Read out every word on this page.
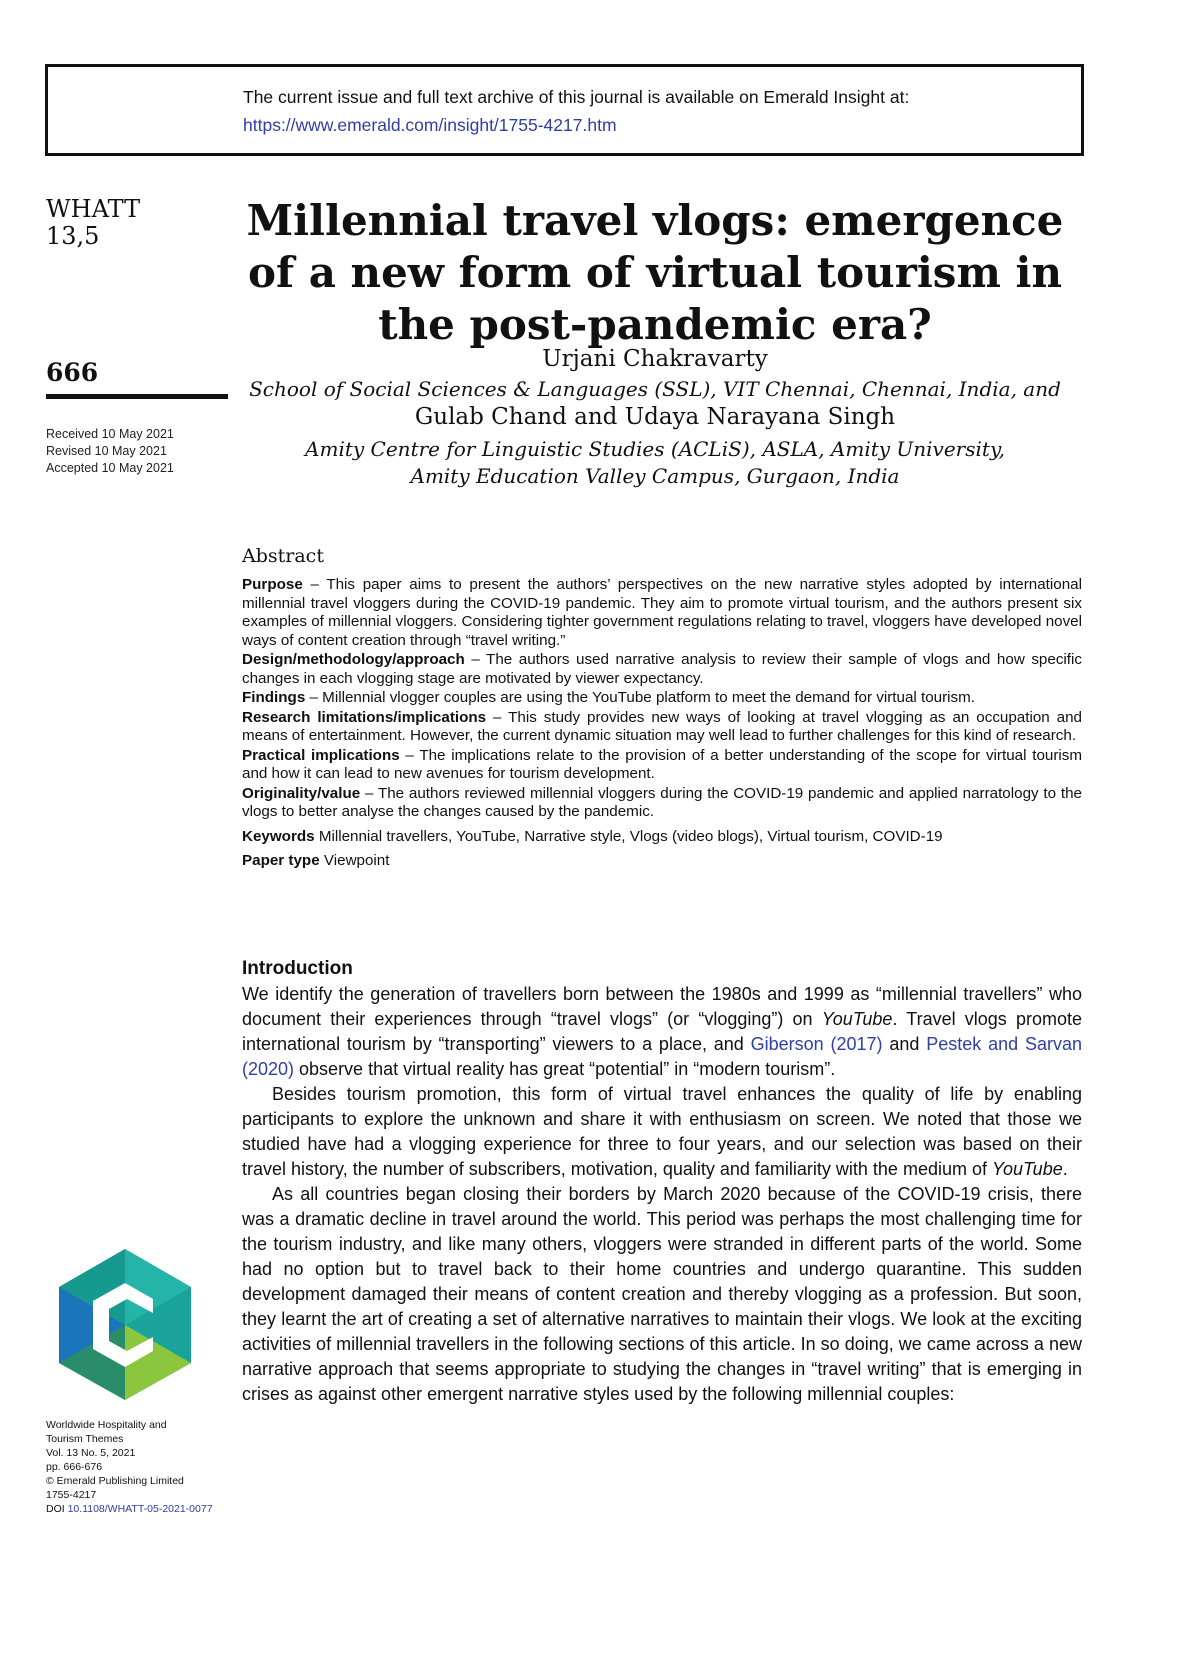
The current issue and full text archive of this journal is available on Emerald Insight at:
https://www.emerald.com/insight/1755-4217.htm
WHATT
13,5
666
Received 10 May 2021
Revised 10 May 2021
Accepted 10 May 2021
Millennial travel vlogs: emergence
of a new form of virtual tourism in
the post-pandemic era?
Urjani Chakravarty
School of Social Sciences & Languages (SSL), VIT Chennai, Chennai, India, and
Gulab Chand and Udaya Narayana Singh
Amity Centre for Linguistic Studies (ACLiS), ASLA, Amity University,
Amity Education Valley Campus, Gurgaon, India
Abstract

Purpose – This paper aims to present the authors’ perspectives on the new narrative styles adopted by international millennial travel vloggers during the COVID-19 pandemic. They aim to promote virtual tourism, and the authors present six examples of millennial vloggers. Considering tighter government regulations relating to travel, vloggers have developed novel ways of content creation through “travel writing.”

Design/methodology/approach – The authors used narrative analysis to review their sample of vlogs and how specific changes in each vlogging stage are motivated by viewer expectancy.

Findings – Millennial vlogger couples are using the YouTube platform to meet the demand for virtual tourism.

Research limitations/implications – This study provides new ways of looking at travel vlogging as an occupation and means of entertainment. However, the current dynamic situation may well lead to further challenges for this kind of research.

Practical implications – The implications relate to the provision of a better understanding of the scope for virtual tourism and how it can lead to new avenues for tourism development.

Originality/value – The authors reviewed millennial vloggers during the COVID-19 pandemic and applied narratology to the vlogs to better analyse the changes caused by the pandemic.

Keywords Millennial travellers, YouTube, Narrative style, Vlogs (video blogs), Virtual tourism, COVID-19

Paper type Viewpoint

Introduction

We identify the generation of travellers born between the 1980s and 1999 as “millennial travellers” who document their experiences through “travel vlogs” (or “vlogging”) on YouTube. Travel vlogs promote international tourism by “transporting” viewers to a place, and Giberson (2017) and Pestek and Sarvan (2020) observe that virtual reality has great “potential” in “modern tourism”.

Besides tourism promotion, this form of virtual travel enhances the quality of life by enabling participants to explore the unknown and share it with enthusiasm on screen. We noted that those we studied have had a vlogging experience for three to four years, and our selection was based on their travel history, the number of subscribers, motivation, quality and familiarity with the medium of YouTube.

As all countries began closing their borders by March 2020 because of the COVID-19 crisis, there was a dramatic decline in travel around the world. This period was perhaps the most challenging time for the tourism industry, and like many others, vloggers were stranded in different parts of the world. Some had no option but to travel back to their home countries and undergo quarantine. This sudden development damaged their means of content creation and thereby vlogging as a profession. But soon, they learnt the art of creating a set of alternative narratives to maintain their vlogs. We look at the exciting activities of millennial travellers in the following sections of this article. In so doing, we came across a new narrative approach that seems appropriate to studying the changes in “travel writing” that is emerging in crises as against other emergent narrative styles used by the following millennial couples:

Worldwide Hospitality and
Tourism Themes
Vol. 13 No. 5, 2021
pp. 666-676
© Emerald Publishing Limited
1755-4217
DOI 10.1108/WHATT-05-2021-0077
